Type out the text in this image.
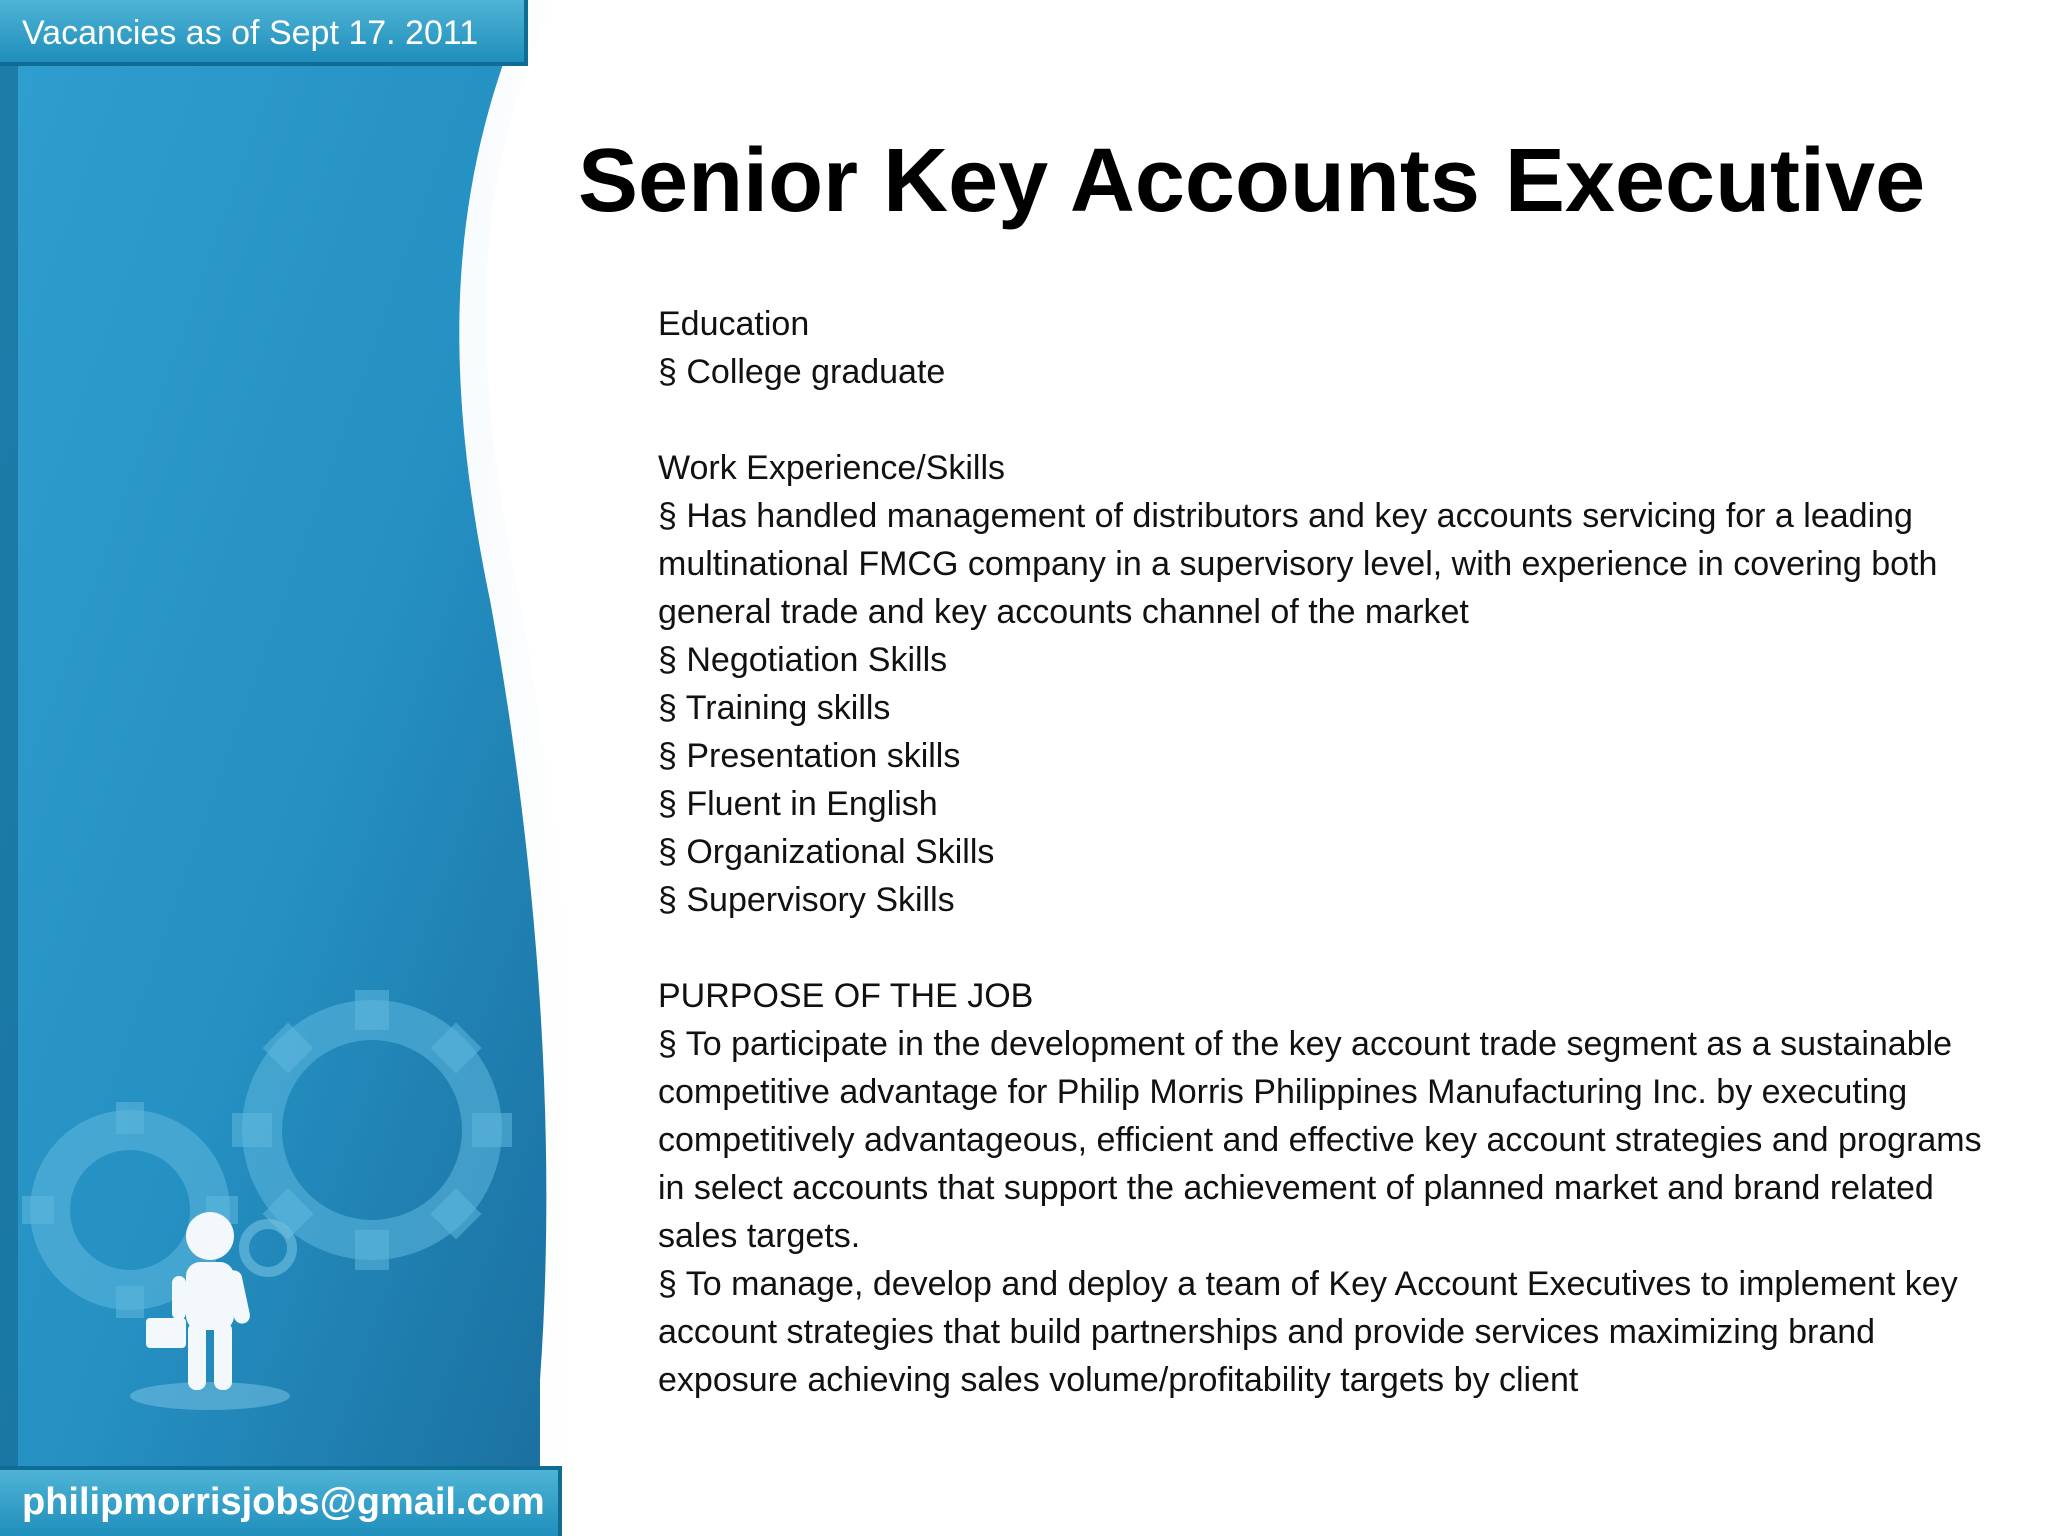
Vacancies as of Sept 17. 2011
Senior Key Accounts Executive
Education
§ College graduate
Work Experience/Skills
§ Has handled management of distributors and key accounts servicing for a leading multinational FMCG company in a supervisory level, with experience in covering both general trade and key accounts channel of the market
§ Negotiation Skills
§ Training skills
§ Presentation skills
§ Fluent in English
§ Organizational Skills
§ Supervisory Skills
PURPOSE OF THE JOB
§ To participate in the development of the key account trade segment as a sustainable competitive advantage for Philip Morris Philippines Manufacturing Inc. by executing competitively advantageous, efficient and effective key account strategies and programs in select accounts that support the achievement of planned market and brand related sales targets.
§ To manage, develop and deploy a team of Key Account Executives to implement key account strategies that build partnerships and provide services maximizing brand exposure achieving sales volume/profitability targets by client
philipmorrisjobs@gmail.com
